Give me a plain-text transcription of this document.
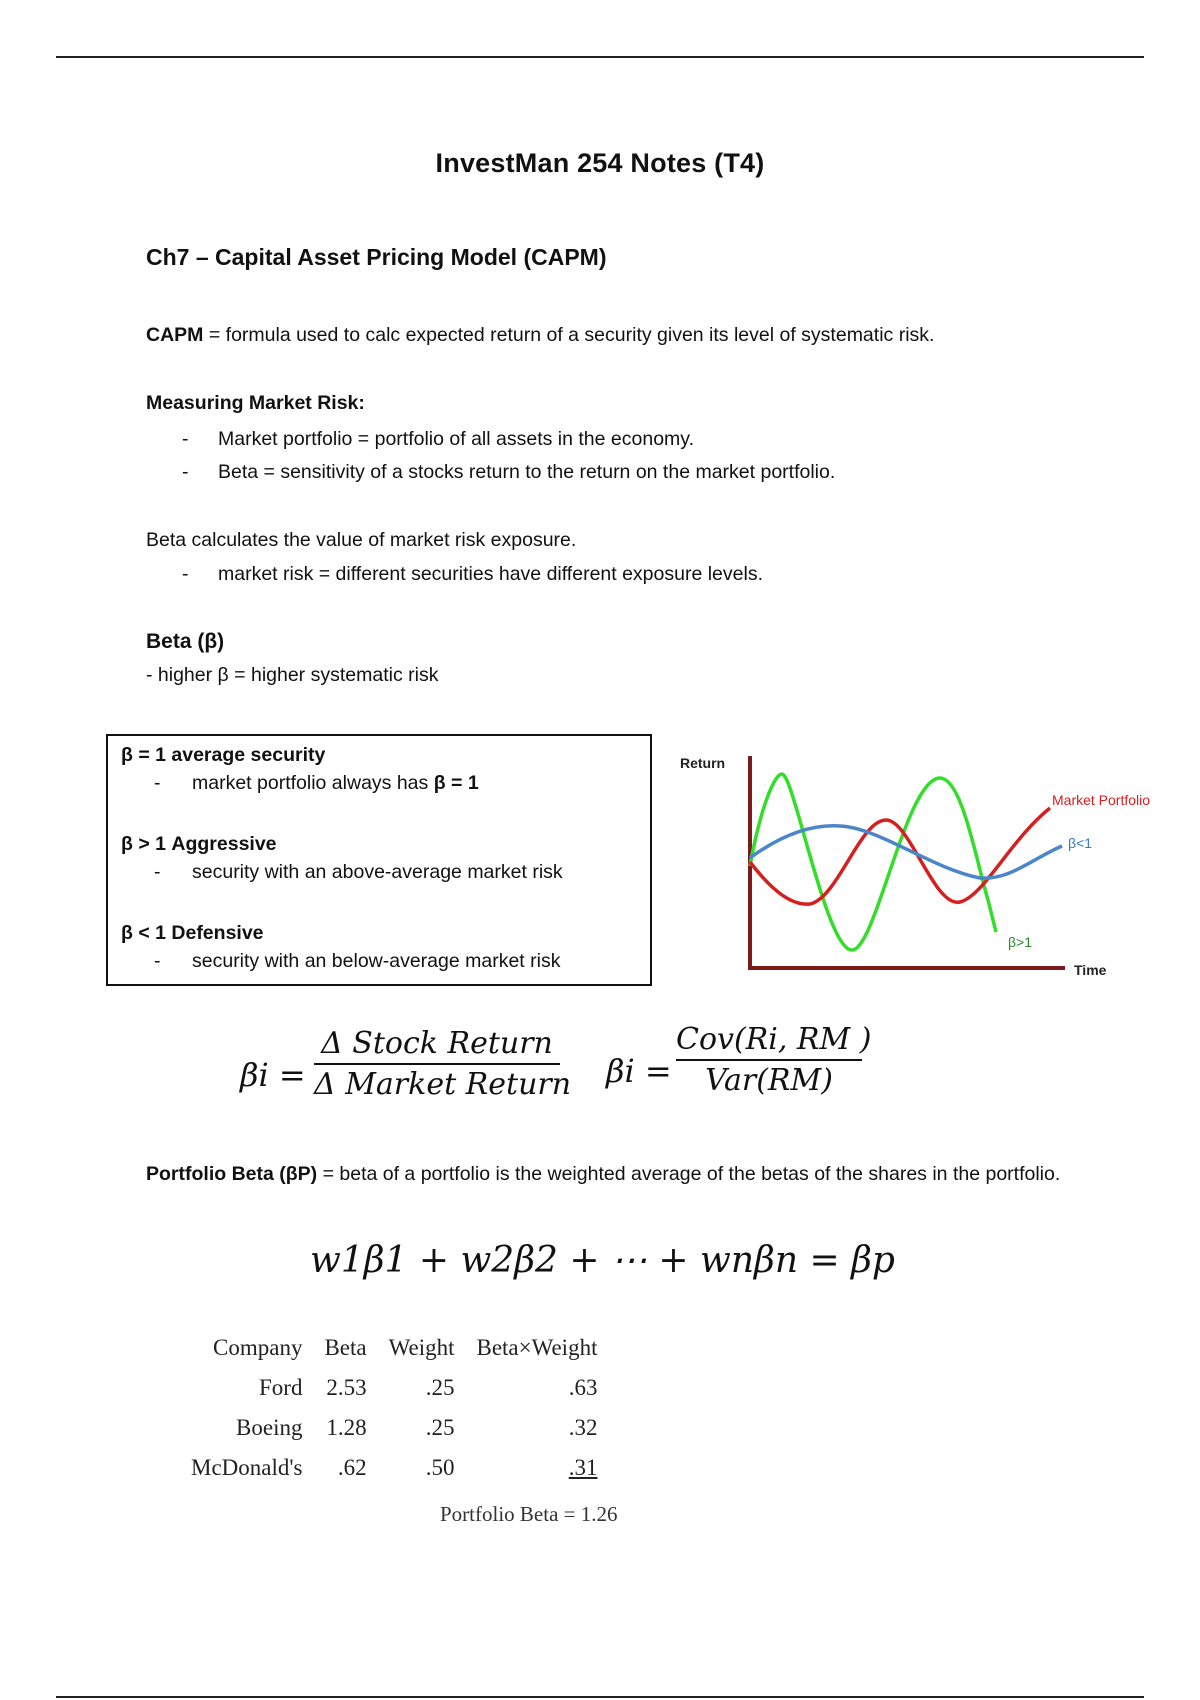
InvestMan 254 Notes (T4)
Ch7 – Capital Asset Pricing Model (CAPM)
CAPM = formula used to calc expected return of a security given its level of systematic risk.
Measuring Market Risk:
- Market portfolio = portfolio of all assets in the economy.
- Beta = sensitivity of a stocks return to the return on the market portfolio.
Beta calculates the value of market risk exposure.
- market risk = different securities have different exposure levels.
Beta (β)
- higher β = higher systematic risk
β = 1 average security
- market portfolio always has β = 1
β > 1 Aggressive
- security with an above-average market risk
β < 1 Defensive
- security with an below-average market risk
Return
Time
Market Portfolio
β<1
β>1
βi =
Δ Stock Return
Δ Market Return βi =
Cov(Ri, RM )
Var(RM)
Portfolio Beta (βP) = beta of a portfolio is the weighted average of the betas of the shares in the portfolio.
w1β1 + w2β2 + ⋯ + wnβn = βp
Company	Beta	Weight	Beta×Weight
Ford	2.53	.25	.63
Boeing	1.28	.25	.32
McDonald's	.62	.50	.31
Portfolio Beta = 1.26
